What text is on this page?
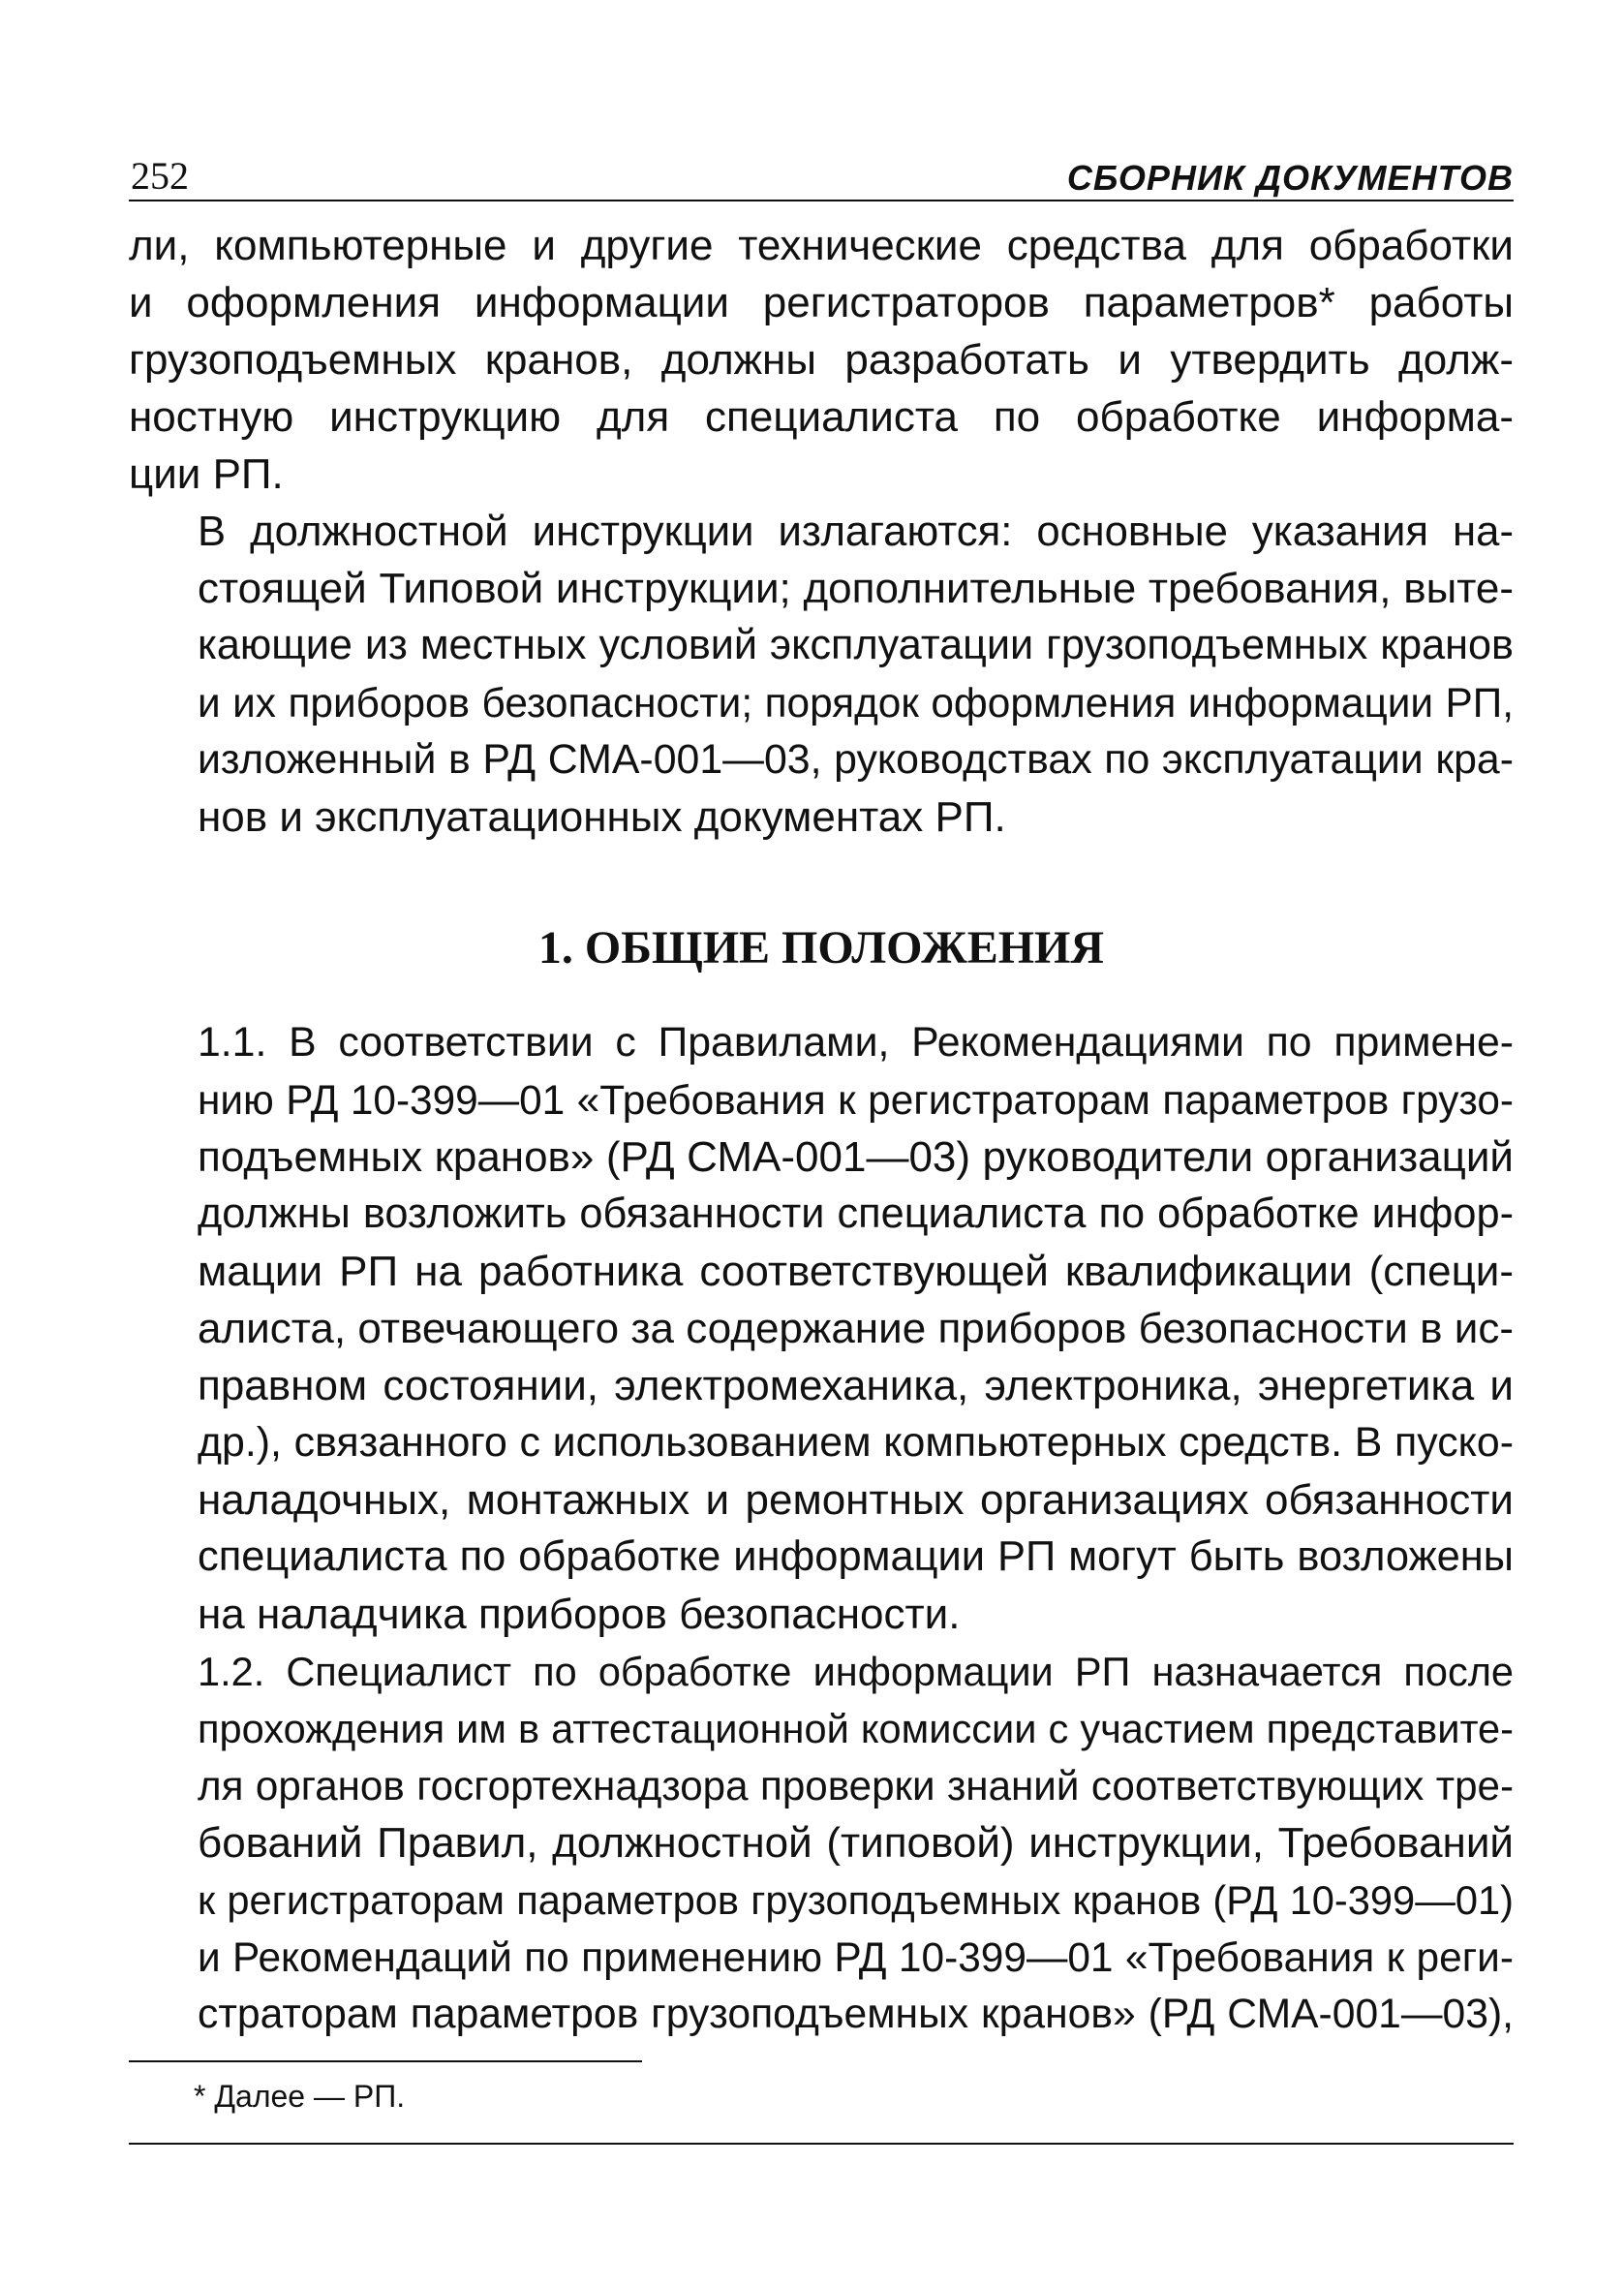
252	СБОРНИК ДОКУМЕНТОВ

ли, компьютерные и другие технические средства для обработки
и оформления информации регистраторов параметров* работы
грузоподъемных кранов, должны разработать и утвердить долж-
ностную инструкцию для специалиста по обработке информа-
ции РП.

В должностной инструкции излагаются: основные указания на-
стоящей Типовой инструкции; дополнительные требования, выте-
кающие из местных условий эксплуатации грузоподъемных кранов
и их приборов безопасности; порядок оформления информации РП,
изложенный в РД СМА-001—03, руководствах по эксплуатации кра-
нов и эксплуатационных документах РП.

1. ОБЩИЕ ПОЛОЖЕНИЯ

1.1. В соответствии с Правилами, Рекомендациями по примене-
нию РД 10-399—01 «Требования к регистраторам параметров грузо-
подъемных кранов» (РД СМА-001—03) руководители организаций
должны возложить обязанности специалиста по обработке инфор-
мации РП на работника соответствующей квалификации (специ-
алиста, отвечающего за содержание приборов безопасности в ис-
правном состоянии, электромеханика, электроника, энергетика и
др.), связанного с использованием компьютерных средств. В пуско-
наладочных, монтажных и ремонтных организациях обязанности
специалиста по обработке информации РП могут быть возложены
на наладчика приборов безопасности.

1.2. Специалист по обработке информации РП назначается после
прохождения им в аттестационной комиссии с участием представите-
ля органов госгортехнадзора проверки знаний соответствующих тре-
бований Правил, должностной (типовой) инструкции, Требований
к регистраторам параметров грузоподъемных кранов (РД 10-399—01)
и Рекомендаций по применению РД 10-399—01 «Требования к реги-
страторам параметров грузоподъемных кранов» (РД СМА-001—03),

* Далее — РП.
